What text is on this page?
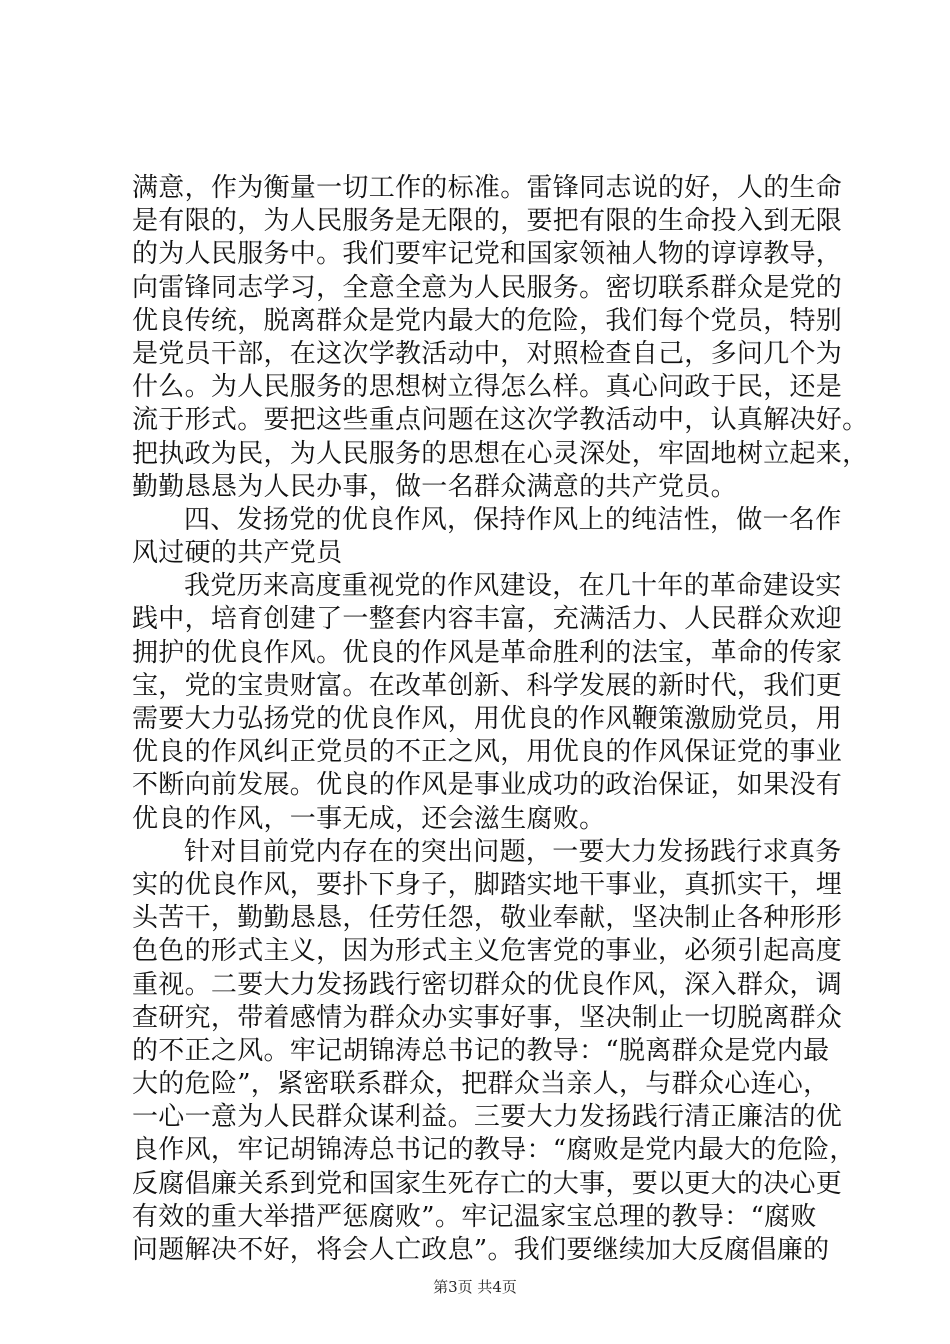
满意，作为衡量一切工作的标准。雷锋同志说的好，人的生命
是有限的，为人民服务是无限的，要把有限的生命投入到无限
的为人民服务中。我们要牢记党和国家领袖人物的谆谆教导，
向雷锋同志学习，全意全意为人民服务。密切联系群众是党的
优良传统，脱离群众是党内最大的危险，我们每个党员，特别
是党员干部，在这次学教活动中，对照检查自己，多问几个为
什么。为人民服务的思想树立得怎么样。真心问政于民，还是
流于形式。要把这些重点问题在这次学教活动中，认真解决好。
把执政为民，为人民服务的思想在心灵深处，牢固地树立起来，
勤勤恳恳为人民办事，做一名群众满意的共产党员。
四、发扬党的优良作风，保持作风上的纯洁性，做一名作
风过硬的共产党员
我党历来高度重视党的作风建设，在几十年的革命建设实
践中，培育创建了一整套内容丰富，充满活力、人民群众欢迎
拥护的优良作风。优良的作风是革命胜利的法宝，革命的传家
宝，党的宝贵财富。在改革创新、科学发展的新时代，我们更
需要大力弘扬党的优良作风，用优良的作风鞭策激励党员，用
优良的作风纠正党员的不正之风，用优良的作风保证党的事业
不断向前发展。优良的作风是事业成功的政治保证，如果没有
优良的作风，一事无成，还会滋生腐败。
针对目前党内存在的突出问题，一要大力发扬践行求真务
实的优良作风，要扑下身子，脚踏实地干事业，真抓实干，埋
头苦干，勤勤恳恳，任劳任怨，敬业奉献，坚决制止各种形形
色色的形式主义，因为形式主义危害党的事业，必须引起高度
重视。二要大力发扬践行密切群众的优良作风，深入群众，调
查研究，带着感情为群众办实事好事，坚决制止一切脱离群众
的不正之风。牢记胡锦涛总书记的教导：“脱离群众是党内最
大的危险”，紧密联系群众，把群众当亲人，与群众心连心，
一心一意为人民群众谋利益。三要大力发扬践行清正廉洁的优
良作风，牢记胡锦涛总书记的教导：“腐败是党内最大的危险，
反腐倡廉关系到党和国家生死存亡的大事，要以更大的决心更
有效的重大举措严惩腐败”。牢记温家宝总理的教导：“腐败
问题解决不好，将会人亡政息”。我们要继续加大反腐倡廉的
第3页 共4页
